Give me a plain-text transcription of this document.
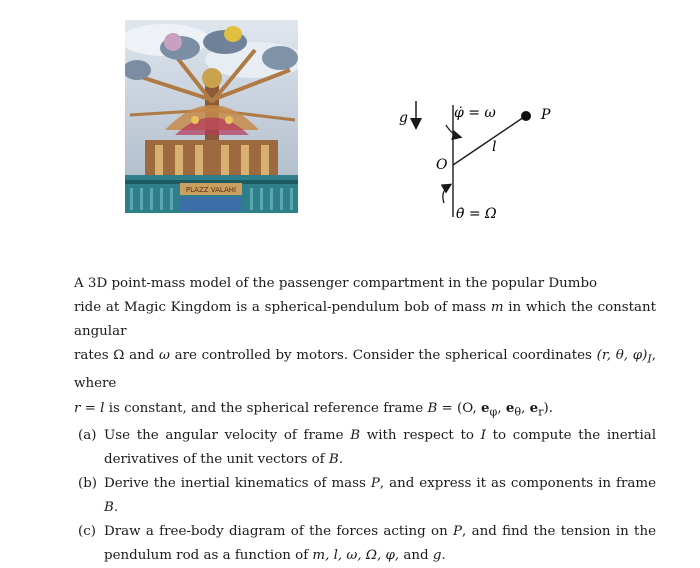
PLAZZ VALAHI
g	φ̇ = ω	P
l
O
θ̇ = Ω

A 3D point-mass model of the passenger compartment in the popular Dumbo

ride at Magic Kingdom is a spherical-pendulum bob of mass m in which the constant angular

rates Ω and ω are controlled by motors. Consider the spherical coordinates (r, θ, $\varphi)_I$, where

r = l is constant, and the spherical reference frame B = (O, $e_\varphi$, $e_\theta$, $e_r$).

(a) Use the angular velocity of frame B with respect to I to compute the inertial derivatives of the unit vectors of B.
(b) Derive the inertial kinematics of mass P, and express it as components in frame B.
(c) Draw a free-body diagram of the forces acting on P, and find the tension in the pendulum rod as a function of m, l, ω, Ω, φ, and g.
